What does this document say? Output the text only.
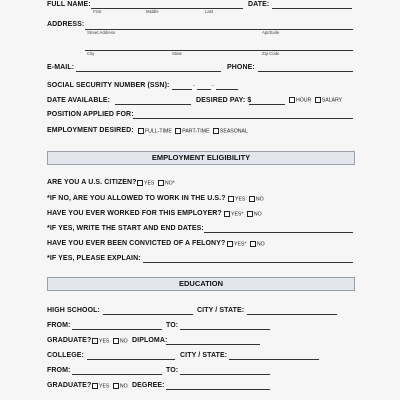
FULL NAME:
First	Middle	Last
DATE:
ADDRESS:
Street Address	Apt/Suite
City	State	Zip Code
E-MAIL:	PHONE:
SOCIAL SECURITY NUMBER (SSN):	-	-
DATE AVAILABLE:	DESIRED PAY: $	HOUR SALARY
POSITION APPLIED FOR:
EMPLOYMENT DESIRED:	FULL-TIME PART-TIME SEASONAL
EMPLOYMENT ELIGIBILITY
ARE YOU A U.S. CITIZEN?	YES NO*
*IF NO, ARE YOU ALLOWED TO WORK IN THE U.S.?	YES NO
HAVE YOU EVER WORKED FOR THIS EMPLOYER?	YES* NO
*IF YES, WRITE THE START AND END DATES:
HAVE YOU EVER BEEN CONVICTED OF A FELONY?	YES* NO
*IF YES, PLEASE EXPLAIN:
EDUCATION
HIGH SCHOOL:	CITY / STATE:
FROM:	TO:
GRADUATE?	YES NO DIPLOMA:
COLLEGE:	CITY / STATE:
FROM:	TO:
GRADUATE?	YES NO DEGREE:
